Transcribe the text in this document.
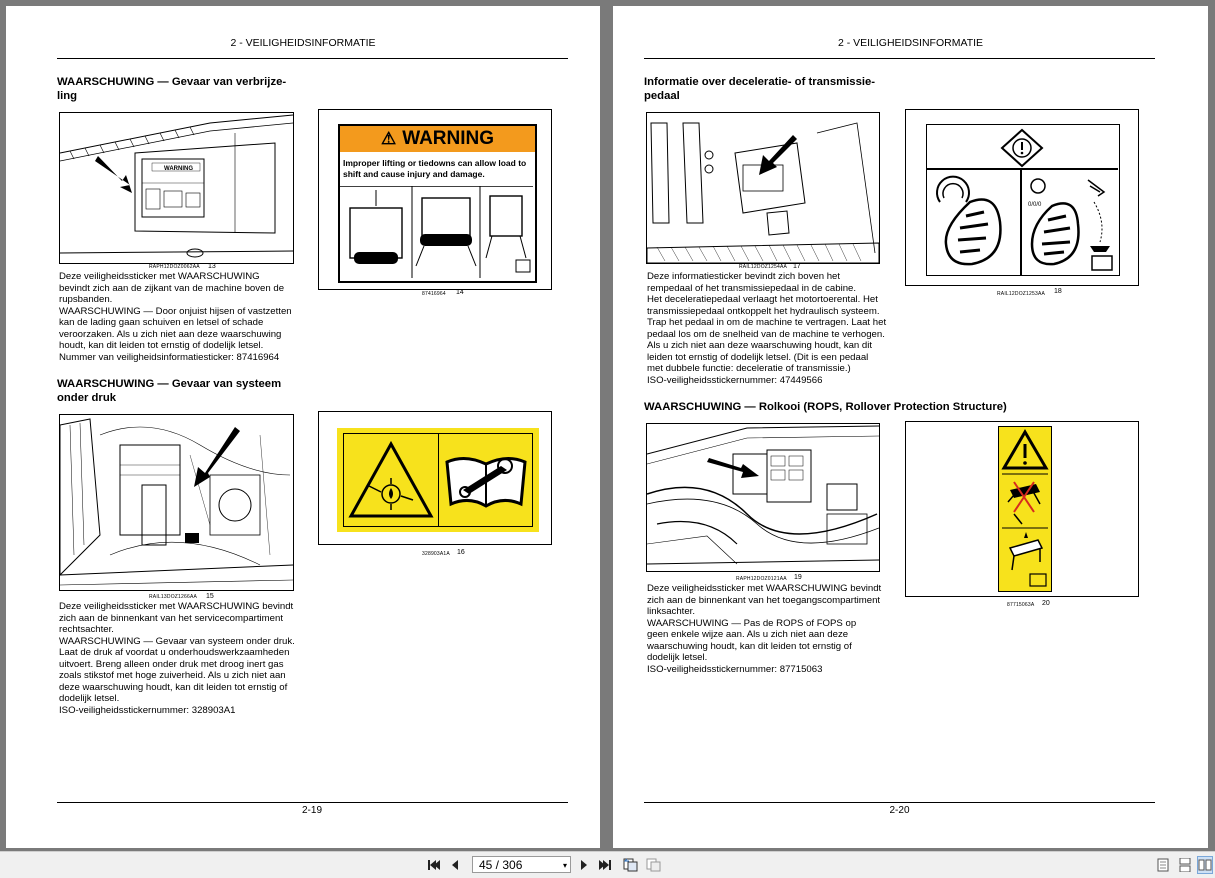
2 - VEILIGHEIDSINFORMATIE
WAARSCHUWING — Gevaar van verbrijze-
ling
WARNING
RAPH12DOZ0062AA 13
⚠ WARNING
Improper lifting or tiedowns can allow load to shift and cause injury and damage.
87416964 14
Deze veiligheidssticker met WAARSCHUWING
bevindt zich aan de zijkant van de machine boven de
rupsbanden.
WAARSCHUWING — Door onjuist hijsen of vastzetten
kan de lading gaan schuiven en letsel of schade
veroorzaken. Als u zich niet aan deze waarschuwing
houdt, kan dit leiden tot ernstig of dodelijk letsel.
Nummer van veiligheidsinformatiesticker: 87416964
WAARSCHUWING — Gevaar van systeem
onder druk
RAIL13DOZ1266AA 15
328903A1A 16
Deze veiligheidssticker met WAARSCHUWING bevindt
zich aan de binnenkant van het servicecompartiment
rechtsachter.
WAARSCHUWING — Gevaar van systeem onder druk.
Laat de druk af voordat u onderhoudswerkzaamheden
uitvoert. Breng alleen onder druk met droog inert gas
zoals stikstof met hoge zuiverheid. Als u zich niet aan
deze waarschuwing houdt, kan dit leiden tot ernstig of
dodelijk letsel.
ISO-veiligheidsstickernummer: 328903A1
2-19
2 - VEILIGHEIDSINFORMATIE
Informatie over deceleratie- of transmissie-
pedaal
RAIL12DOZ1254AA 17
0/0/0
RAIL12DOZ1253AA 18
Deze informatiesticker bevindt zich boven het
rempedaal of het transmissiepedaal in de cabine.
Het deceleratiepedaal verlaagt het motortoerental. Het
transmissiepedaal ontkoppelt het hydraulisch systeem.
Trap het pedaal in om de machine te vertragen. Laat het
pedaal los om de snelheid van de machine te verhogen.
Als u zich niet aan deze waarschuwing houdt, kan dit
leiden tot ernstig of dodelijk letsel. (Dit is een pedaal
met dubbele functie: deceleratie of transmissie.)
ISO-veiligheidsstickernummer: 47449566
WAARSCHUWING — Rolkooi (ROPS, Rollover Protection Structure)
RAPH12DOZ0121AA 19
87715063A 20
Deze veiligheidssticker met WAARSCHUWING bevindt
zich aan de binnenkant van het toegangscompartiment
linksachter.
WAARSCHUWING — Pas de ROPS of FOPS op
geen enkele wijze aan. Als u zich niet aan deze
waarschuwing houdt, kan dit leiden tot ernstig of
dodelijk letsel.
ISO-veiligheidsstickernummer: 87715063
2-20
45 / 306	▾
